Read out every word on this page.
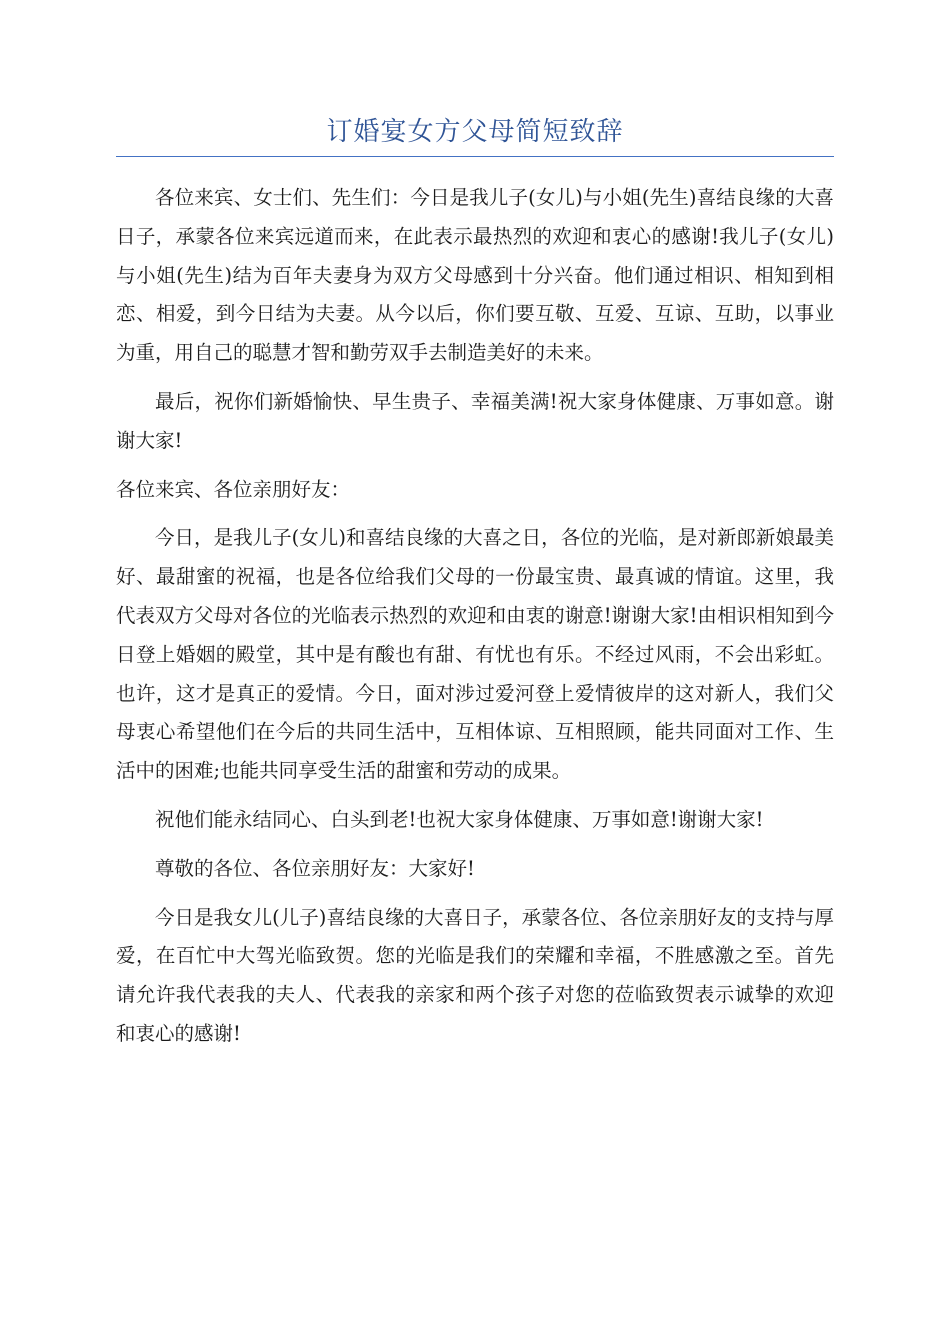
订婚宴女方父母简短致辞

各位来宾、女士们、先生们：今日是我儿子(女儿)与小姐(先生)喜结良缘的大喜日子，承蒙各位来宾远道而来，在此表示最热烈的欢迎和衷心的感谢!我儿子(女儿)与小姐(先生)结为百年夫妻身为双方父母感到十分兴奋。他们通过相识、相知到相恋、相爱，到今日结为夫妻。从今以后，你们要互敬、互爱、互谅、互助，以事业为重，用自己的聪慧才智和勤劳双手去制造美好的未来。

最后，祝你们新婚愉快、早生贵子、幸福美满!祝大家身体健康、万事如意。谢谢大家!

各位来宾、各位亲朋好友：

今日，是我儿子(女儿)和喜结良缘的大喜之日，各位的光临，是对新郎新娘最美好、最甜蜜的祝福，也是各位给我们父母的一份最宝贵、最真诚的情谊。这里，我代表双方父母对各位的光临表示热烈的欢迎和由衷的谢意!谢谢大家!由相识相知到今日登上婚姻的殿堂，其中是有酸也有甜、有忧也有乐。不经过风雨，不会出彩虹。也许，这才是真正的爱情。今日，面对涉过爱河登上爱情彼岸的这对新人，我们父母衷心希望他们在今后的共同生活中，互相体谅、互相照顾，能共同面对工作、生活中的困难;也能共同享受生活的甜蜜和劳动的成果。

祝他们能永结同心、白头到老!也祝大家身体健康、万事如意!谢谢大家!

尊敬的各位、各位亲朋好友：大家好!

今日是我女儿(儿子)喜结良缘的大喜日子，承蒙各位、各位亲朋好友的支持与厚爱，在百忙中大驾光临致贺。您的光临是我们的荣耀和幸福，不胜感激之至。首先请允许我代表我的夫人、代表我的亲家和两个孩子对您的莅临致贺表示诚挚的欢迎和衷心的感谢!
